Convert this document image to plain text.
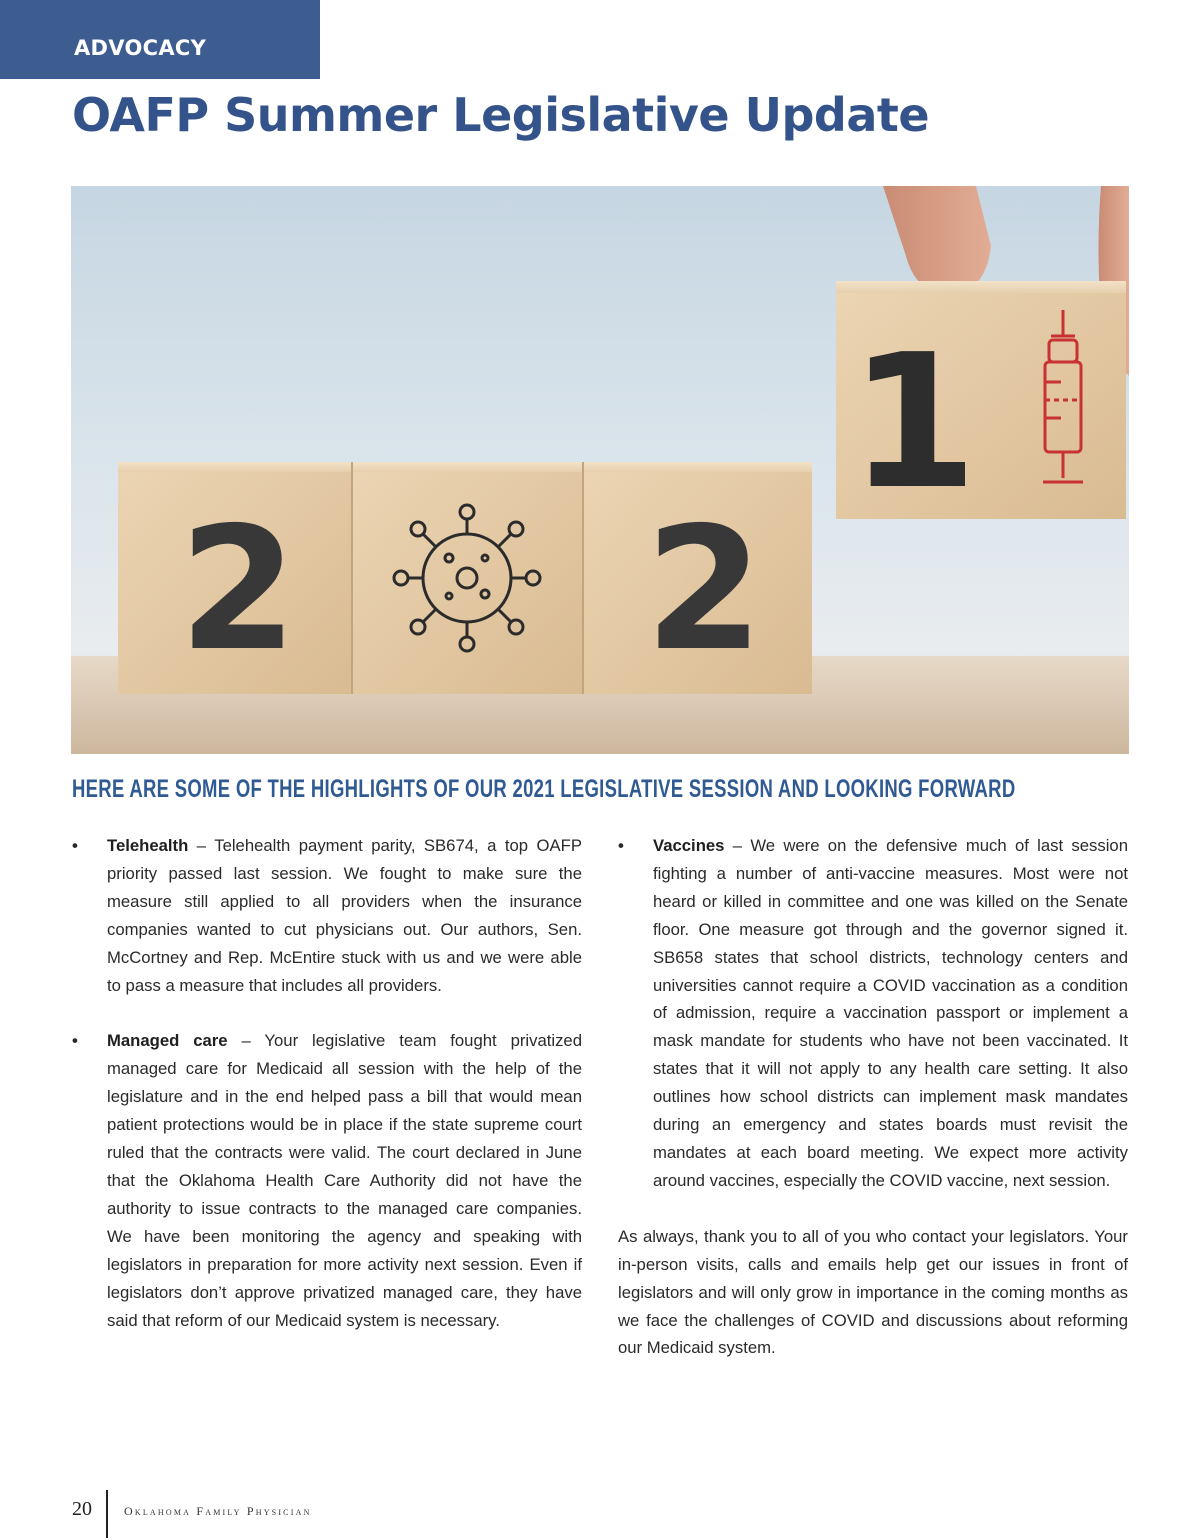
ADVOCACY
OAFP Summer Legislative Update
2 2
1
HERE ARE SOME OF THE HIGHLIGHTS OF OUR 2021 LEGISLATIVE SESSION AND LOOKING FORWARD
• Telehealth – Telehealth payment parity, SB674, a top OAFP priority passed last session. We fought to make sure the measure still applied to all providers when the insurance companies wanted to cut physicians out. Our authors, Sen. McCortney and Rep. McEntire stuck with us and we were able to pass a measure that includes all providers.
• Managed care – Your legislative team fought privatized managed care for Medicaid all session with the help of the legislature and in the end helped pass a bill that would mean patient protections would be in place if the state supreme court ruled that the contracts were valid. The court declared in June that the Oklahoma Health Care Authority did not have the authority to issue contracts to the managed care companies. We have been monitoring the agency and speaking with legislators in preparation for more activity next session. Even if legislators don’t approve privatized managed care, they have said that reform of our Medicaid system is necessary.
• Vaccines – We were on the defensive much of last session fighting a number of anti-vaccine measures. Most were not heard or killed in committee and one was killed on the Senate floor. One measure got through and the governor signed it. SB658 states that school districts, technology centers and universities cannot require a COVID vaccination as a condition of admission, require a vaccination passport or implement a mask mandate for students who have not been vaccinated. It states that it will not apply to any health care setting. It also outlines how school districts can implement mask mandates during an emergency and states boards must revisit the mandates at each board meeting. We expect more activity around vaccines, especially the COVID vaccine, next session.

As always, thank you to all of you who contact your legislators. Your in-person visits, calls and emails help get our issues in front of legislators and will only grow in importance in the coming months as we face the challenges of COVID and discussions about reforming our Medicaid system.

20	Oklahoma Family Physician
